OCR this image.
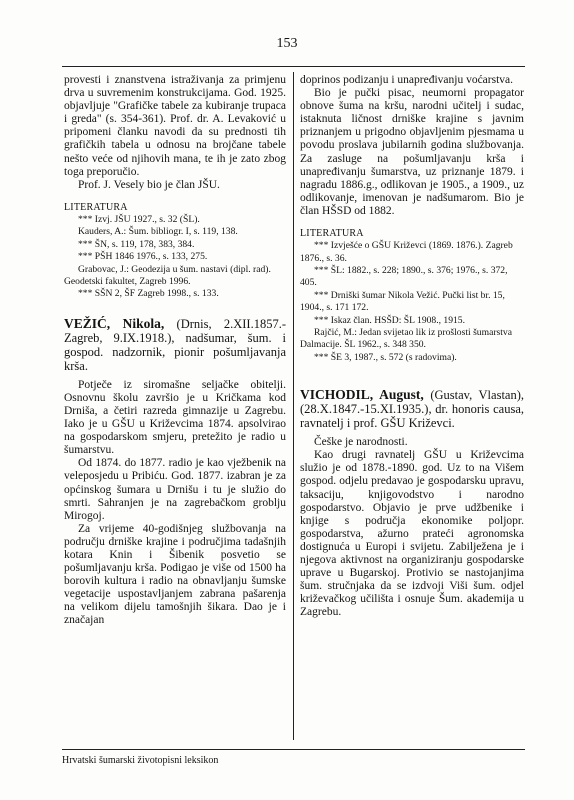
153

provesti i znanstvena istraživanja za primjenu drva u suvremenim konstrukcijama. God. 1925. objavljuje "Grafičke tabele za kubiranje trupaca i greda" (s. 354-361). Prof. dr. A. Levaković u pripomeni članku navodi da su prednosti tih grafičkih tabela u odnosu na brojčane tabele nešto veće od njihovih mana, te ih je zato zbog toga preporučio.

Prof. J. Vesely bio je član JŠU.

LITERATURA

*** Izvj. JŠU 1927., s. 32 (ŠL).

Kauders, A.: Šum. bibliogr. I, s. 119, 138.

*** ŠN, s. 119, 178, 383, 384.

*** PŠH 1846 1976., s. 133, 275.

Grabovac, J.: Geodezija u šum. nastavi (dipl. rad). Geodetski fakultet, Zagreb 1996.

*** SŠN 2, ŠF Zagreb 1998., s. 133.

VEŽIĆ, Nikola, (Drnis, 2.XII.1857.- Zagreb, 9.IX.1918.), nadšumar, šum. i gospod. nadzornik, pionir pošumljavanja krša.

Potječe iz siromašne seljačke obitelji. Osnovnu školu završio je u Kričkama kod Drniša, a četiri razreda gimnazije u Zagrebu. Iako je u GŠU u Križevcima 1874. apsolvirao na gospodarskom smjeru, pretežito je radio u šumarstvu.

Od 1874. do 1877. radio je kao vježbenik na veleposjedu u Pribiću. God. 1877. izabran je za općinskog šumara u Drnišu i tu je služio do smrti. Sahranjen je na zagrebačkom groblju Mirogoj.

Za vrijeme 40-godišnjeg službovanja na području drniške krajine i područjima tadašnjih kotara Knin i Šibenik posvetio se pošumljavanju krša. Podigao je više od 1500 ha borovih kultura i radio na obnavljanju šumske vegetacije uspostavljanjem zabrana pašarenja na velikom dijelu tamošnjih šikara. Dao je i značajan

doprinos podizanju i unapređivanju voćarstva.

Bio je pučki pisac, neumorni propagator obnove šuma na kršu, narodni učitelj i sudac, istaknuta ličnost drniške krajine s javnim priznanjem u prigodno objavljenim pjesmama u povodu proslava jubilarnih godina službovanja. Za zasluge na pošumljavanju krša i unapređivanju šumarstva, uz priznanje 1879. i nagradu 1886.g., odlikovan je 1905., a 1909., uz odlikovanje, imenovan je nadšumarom. Bio je član HŠSD od 1882.

LITERATURA

*** Izvješće o GŠU Križevci (1869. 1876.). Zagreb 1876., s. 36.

*** ŠL: 1882., s. 228; 1890., s. 376; 1976., s. 372, 405.

*** Drniški šumar Nikola Vežić. Pučki list br. 15, 1904., s. 171 172.

*** Iskaz član. HSŠD: ŠL 1908., 1915.

Rajčić, M.: Jedan svijetao lik iz prošlosti šumarstva Dalmacije. ŠL 1962., s. 348 350.

*** ŠE 3, 1987., s. 572 (s radovima).

VICHODIL, August, (Gustav, Vlastan), (28.X.1847.-15.XI.1935.), dr. honoris causa, ravnatelj i prof. GŠU Križevci.

Češke je narodnosti.

Kao drugi ravnatelj GŠU u Križevcima služio je od 1878.-1890. god. Uz to na Višem gospod. odjelu predavao je gospodarsku upravu, taksaciju, knjigovodstvo i narodno gospodarstvo. Objavio je prve udžbenike i knjige s područja ekonomike poljopr. gospodarstva, ažurno prateći agronomska dostignuća u Europi i svijetu. Zabilježena je i njegova aktivnost na organiziranju gospodarske uprave u Bugarskoj. Protivio se nastojanjima šum. stručnjaka da se izdvoji Viši šum. odjel križevačkog učilišta i osnuje Šum. akademija u Zagrebu.

Hrvatski šumarski životopisni leksikon
